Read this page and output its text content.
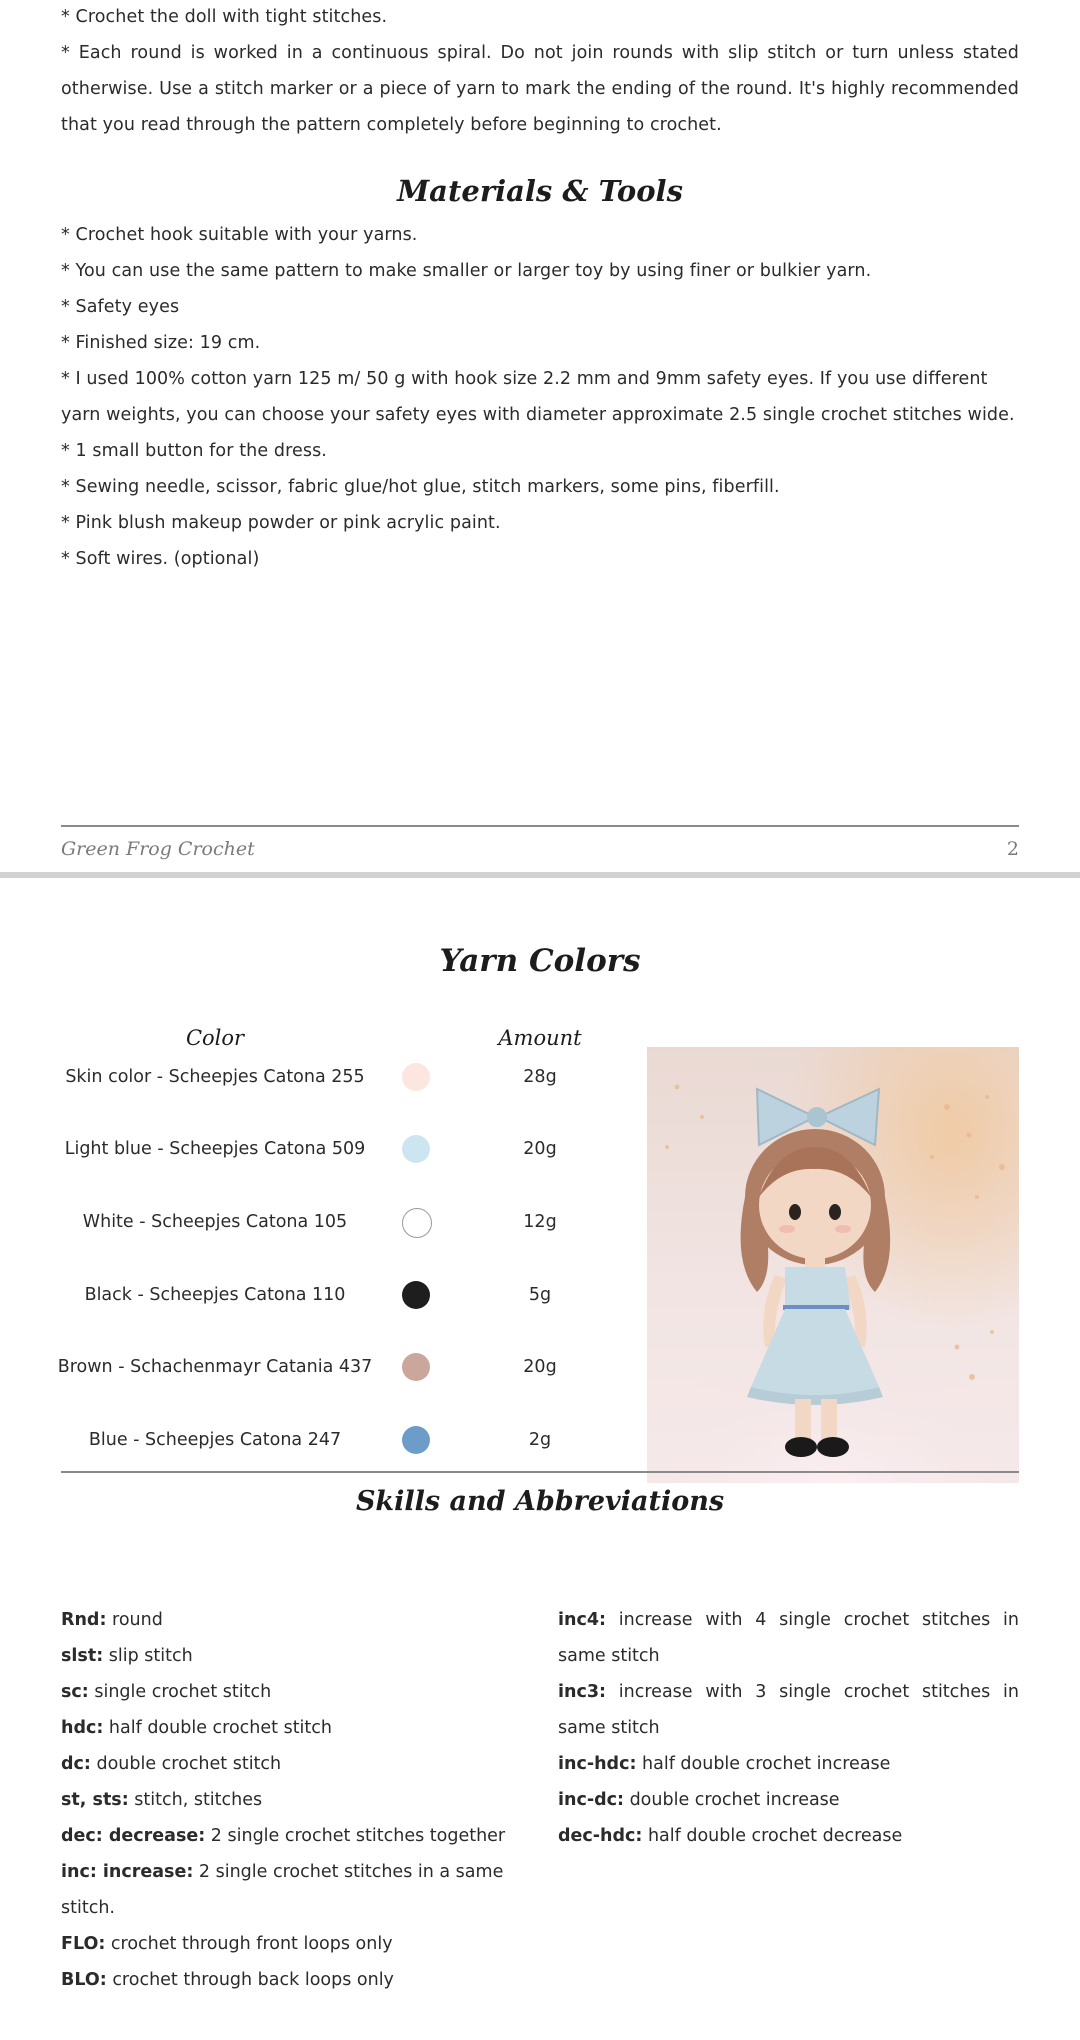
* Crochet the doll with tight stitches.

* Each round is worked in a continuous spiral. Do not join rounds with slip stitch or turn unless stated otherwise. Use a stitch marker or a piece of yarn to mark the ending of the round. It's highly recommended that you read through the pattern completely before beginning to crochet.

Materials & Tools

* Crochet hook suitable with your yarns.

* You can use the same pattern to make smaller or larger toy by using finer or bulkier yarn.

* Safety eyes

* Finished size: 19 cm.

* I used 100% cotton yarn 125 m/ 50 g with hook size 2.2 mm and 9mm safety eyes. If you use different yarn weights, you can choose your safety eyes with diameter approximate 2.5 single crochet stitches wide.

* 1 small button for the dress.

* Sewing needle, scissor, fabric glue/hot glue, stitch markers, some pins, fiberfill.

* Pink blush makeup powder or pink acrylic paint.

* Soft wires. (optional)

Green Frog Crochet	2
Yarn Colors
Color	Amount
Skin color - Scheepjes Catona 255	28g
Light blue - Scheepjes Catona 509	20g
White - Scheepjes Catona 105	12g
Black - Scheepjes Catona 110	5g
Brown - Schachenmayr Catania 437	20g
Blue - Scheepjes Catona 247	2g
Skills and Abbreviations

Rnd: round

slst: slip stitch

sc: single crochet stitch

hdc: half double crochet stitch

dc: double crochet stitch

st, sts: stitch, stitches

dec: decrease: 2 single crochet stitches together

inc: increase: 2 single crochet stitches in a same stitch.

FLO: crochet through front loops only

BLO: crochet through back loops only

inc4: increase with 4 single crochet stitches in same stitch

inc3: increase with 3 single crochet stitches in same stitch

inc-hdc: half double crochet increase

inc-dc: double crochet increase

dec-hdc: half double crochet decrease
